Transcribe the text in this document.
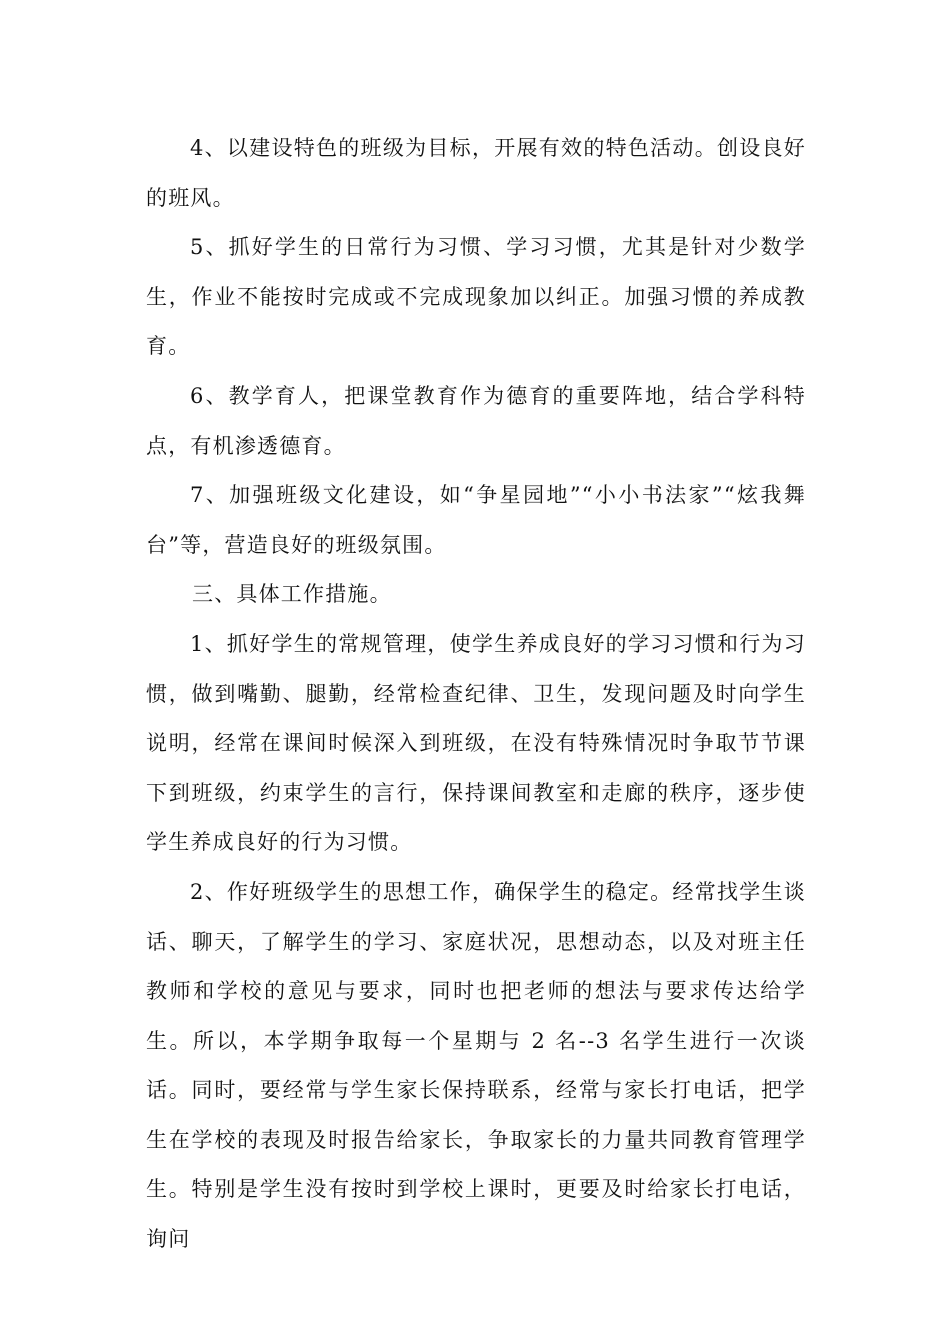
4、以建设特色的班级为目标，开展有效的特色活动。创设良好的班风。

5、抓好学生的日常行为习惯、学习习惯，尤其是针对少数学生，作业不能按时完成或不完成现象加以纠正。加强习惯的养成教育。

6、教学育人，把课堂教育作为德育的重要阵地，结合学科特点，有机渗透德育。

7、加强班级文化建设，如“争星园地”“小小书法家”“炫我舞台”等，营造良好的班级氛围。

三、具体工作措施。

1、抓好学生的常规管理，使学生养成良好的学习习惯和行为习惯，做到嘴勤、腿勤，经常检查纪律、卫生，发现问题及时向学生说明，经常在课间时候深入到班级，在没有特殊情况时争取节节课下到班级，约束学生的言行，保持课间教室和走廊的秩序，逐步使学生养成良好的行为习惯。

2、作好班级学生的思想工作，确保学生的稳定。经常找学生谈话、聊天，了解学生的学习、家庭状况，思想动态，以及对班主任教师和学校的意见与要求，同时也把老师的想法与要求传达给学生。所以，本学期争取每一个星期与 2 名--3 名学生进行一次谈话。同时，要经常与学生家长保持联系，经常与家长打电话，把学生在学校的表现及时报告给家长，争取家长的力量共同教育管理学生。特别是学生没有按时到学校上课时，更要及时给家长打电话，询问
